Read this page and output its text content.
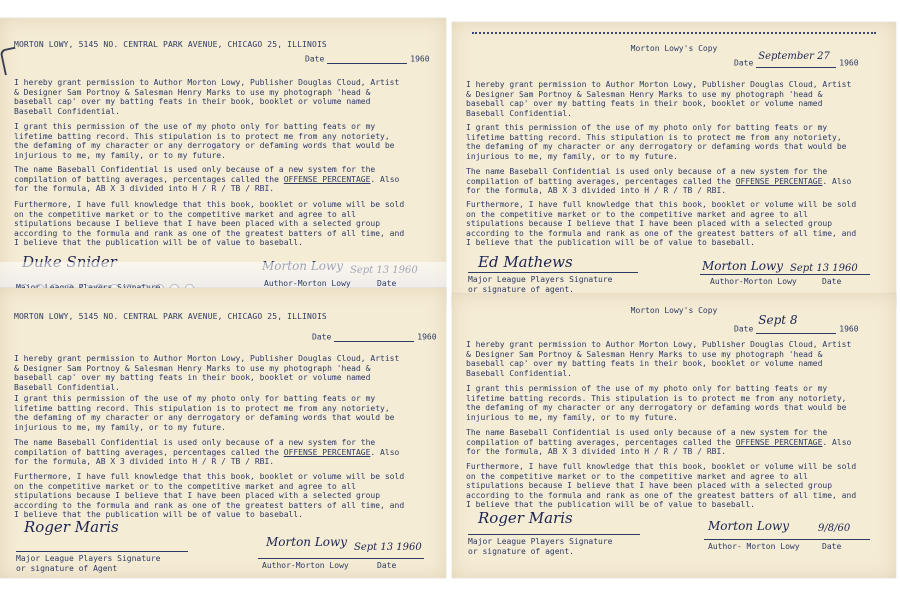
MORTON LOWY, 5145 NO. CENTRAL PARK AVENUE, CHICAGO 25, ILLINOIS
Date	1960

I hereby grant permission to Author Morton Lowy, Publisher Douglas Cloud, Artist & Designer Sam Portnoy & Salesman Henry Marks to use my photograph 'head & baseball cap' over my batting feats in their book, booklet or volume named Baseball Confidential.

I grant this permission of the use of my photo only for batting feats or my lifetime batting record. This stipulation is to protect me from any notoriety, the defaming of my character or any derrogatory or defaming words that would be injurious to me, my family, or to my future.

The name Baseball Confidential is used only because of a new system for the compilation of batting averages, percentages called the OFFENSE PERCENTAGE. Also for the formula, AB X 3 divided into H / R / TB / RBI.

Furthermore, I have full knowledge that this book, booklet or volume will be sold on the competitive market or to the competitive market and agree to all stipulations because I believe that I have been placed with a selected group according to the formula and rank as one of the greatest batters of all time, and I believe that the publication will be of value to baseball.

Author-Morton Lowy	Date
MORTON LOWY, 5145 NO. CENTRAL PARK AVENUE, CHICAGO 25, ILLINOIS
Date	1960

I hereby grant permission to Author Morton Lowy, Publisher Douglas Cloud, Artist & Designer Sam Portnoy & Salesman Henry Marks to use my photograph 'head & baseball cap' over my batting feats in their book, booklet or volume named Baseball Confidential.

I grant this permission of the use of my photo only for batting feats or my lifetime batting record. This stipulation is to protect me from any notoriety, the defaming of my character or any derrogatory or defaming words that would be injurious to me, my family, or to my future.

The name Baseball Confidential is used only because of a new system for the compilation of batting averages, percentages called the OFFENSE PERCENTAGE. Also for the formula, AB X 3 divided into H / R / TB / RBI.

Furthermore, I have full knowledge that this book, booklet or volume will be sold on the competitive market or to the competitive market and agree to all stipulations because I believe that I have been placed with a selected group according to the formula and rank as one of the greatest batters of all time, and I believe that the publication will be of value to baseball.

Roger Maris
Major League Players Signature
or signature of Agent
Morton Lowy Sept 13 1960
Author-Morton Lowy	Date
Morton Lowy's Copy
Date
September 27
1960

I hereby grant permission to Author Morton Lowy, Publisher Douglas Cloud, Artist & Designer Sam Portnoy & Salesman Henry Marks to use my photograph 'head & baseball cap' over my batting feats in their book, booklet or volume named Baseball Confidential.

I grant this permission of the use of my photo only for batting feats or my lifetime batting record. This stipulation is to protect me from any notoriety, the defaming of my character or any derrogatory or defaming words that would be injurious to me, my family, or to my future.

The name Baseball Confidential is used only because of a new system for the compilation of batting averages, percentages called the OFFENSE PERCENTAGE. Also for the formula, AB X 3 divided into H / R / TB / RBI.

Furthermore, I have full knowledge that this book, booklet or volume will be sold on the competitive market or to the competitive market and agree to all stipulations because I believe that I have been placed with a selected group according to the formula and rank as one of the greatest batters of all time, and I believe that the publication will be of value to baseball.

Ed Mathews
Major League Players Signature
or signature of agent.
Morton Lowy Sept 13 1960
Author-Morton Lowy	Date
Morton Lowy's Copy
Date
Sept 8
1960

I hereby grant permission to Author Morton Lowy, Publisher Douglas Cloud, Artist & Designer Sam Portnoy & Salesman Henry Marks to use my photograph 'head & baseball cap' over my batting feats in their book, booklet or volume named Baseball Confidential.

I grant this permission of the use of my photo only for batting feats or my lifetime batting records. This stipulation is to protect me from any notoriety, the defaming of my character or any derrogatory or defaming words that would be injurious to me, my family, or to my future.

The name Baseball Confidential is used only because of a new system for the compilation of batting averages, percentages called the OFFENSE PERCENTAGE. Also for the formula, AB X 3 divided into H / R / TB / RBI.

Furthermore, I have full knowledge that this book, booklet or volume will be sold on the competitive market or to the competitive market and agree to all stipulations because I believe that I have been placed with a selected group according to the formula and rank as one of the greatest batters of all time, and I believe that the publication will be of value to baseball.

Roger Maris
Major League Players Signature
or signature of agent.
Morton Lowy	9/8/60
Author- Morton Lowy	Date
